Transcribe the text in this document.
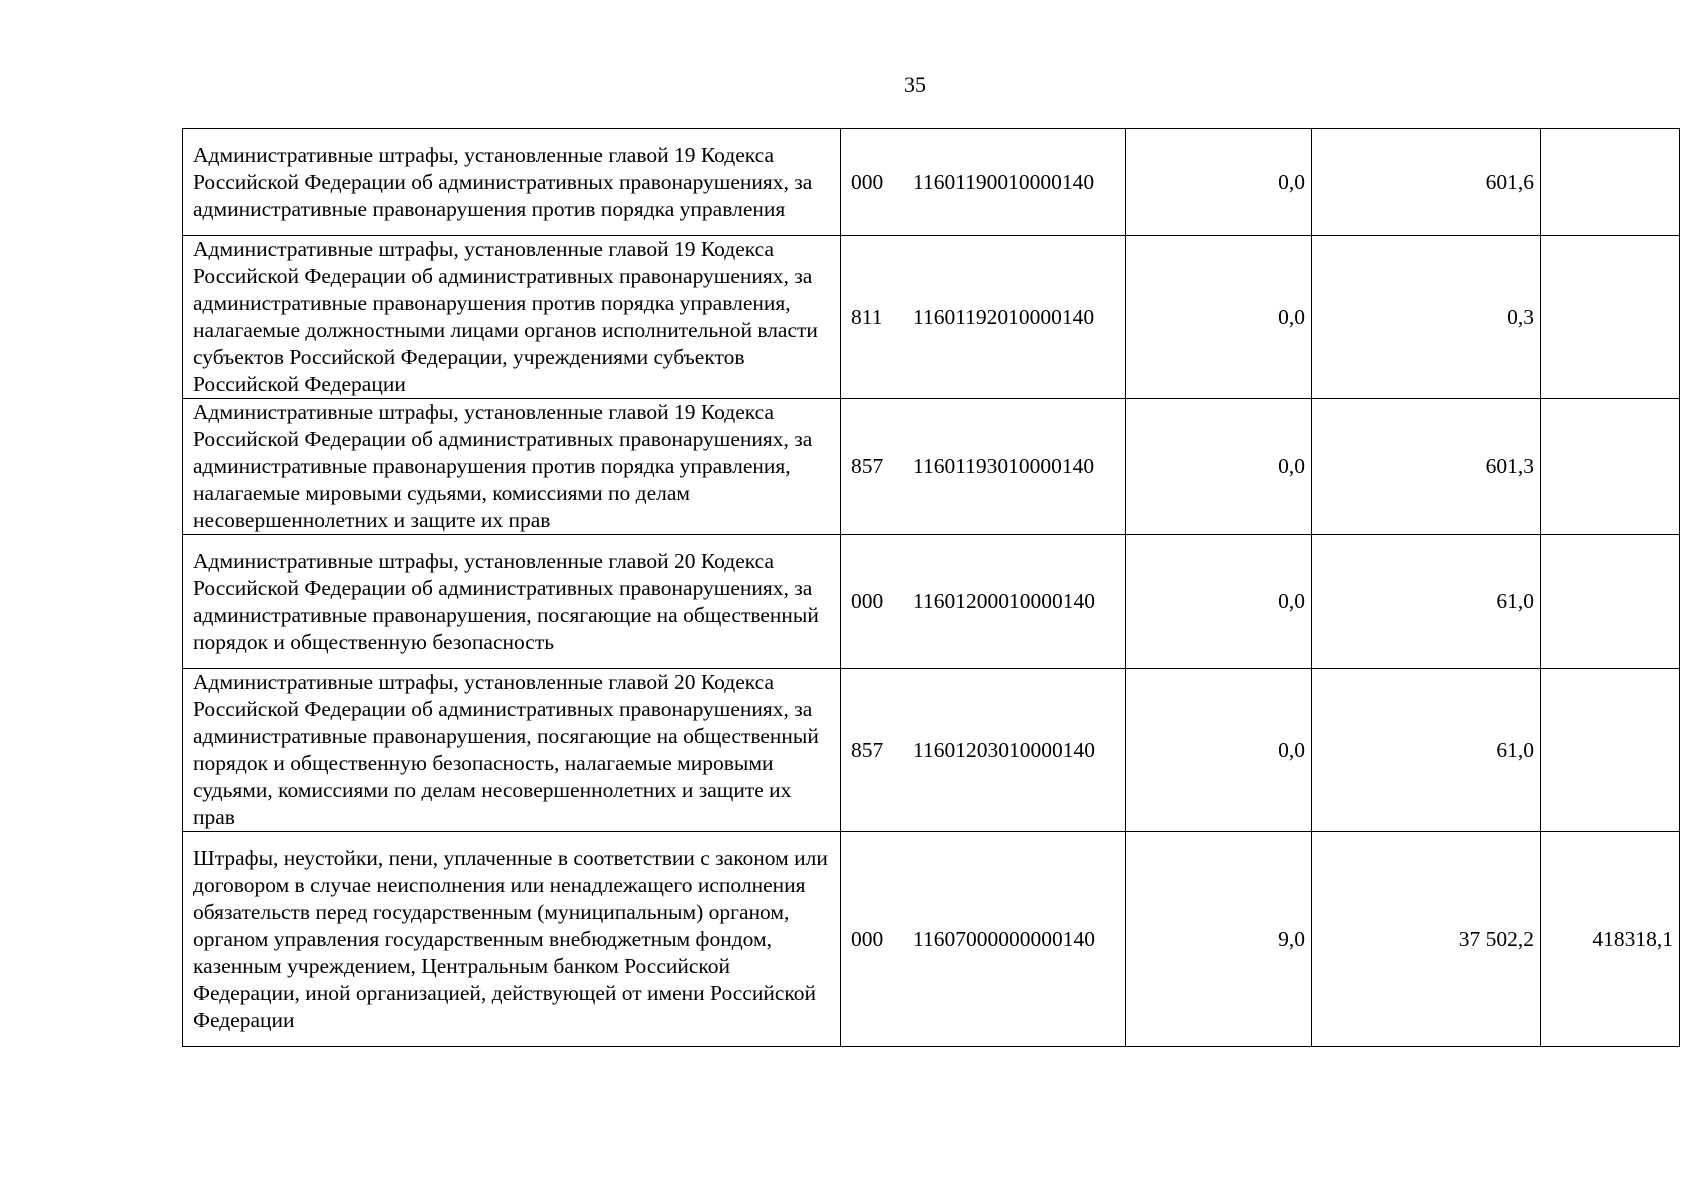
35
Административные штрафы, установленные главой 19 Кодекса Российской Федерации об административных правонарушениях, за административные правонарушения против порядка управления	000 11601190010000140	0,0	601,6	
Административные штрафы, установленные главой 19 Кодекса Российской Федерации об административных правонарушениях, за административные правонарушения против порядка управления, налагаемые должностными лицами органов исполнительной власти субъектов Российской Федерации, учреждениями субъектов Российской Федерации	811 11601192010000140	0,0	0,3	
Административные штрафы, установленные главой 19 Кодекса Российской Федерации об административных правонарушениях, за административные правонарушения против порядка управления, налагаемые мировыми судьями, комиссиями по делам несовершеннолетних и защите их прав	857 11601193010000140	0,0	601,3	
Административные штрафы, установленные главой 20 Кодекса Российской Федерации об административных правонарушениях, за административные правонарушения, посягающие на общественный порядок и общественную безопасность	000 11601200010000140	0,0	61,0	
Административные штрафы, установленные главой 20 Кодекса Российской Федерации об административных правонарушениях, за административные правонарушения, посягающие на общественный порядок и общественную безопасность, налагаемые мировыми судьями, комиссиями по делам несовершеннолетних и защите их прав	857 11601203010000140	0,0	61,0	
Штрафы, неустойки, пени, уплаченные в соответствии с законом или договором в случае неисполнения или ненадлежащего исполнения обязательств перед государственным (муниципальным) органом, органом управления государственным внебюджетным фондом, казенным учреждением, Центральным банком Российской Федерации, иной организацией, действующей от имени Российской Федерации	000 11607000000000140	9,0	37 502,2	418318,1
